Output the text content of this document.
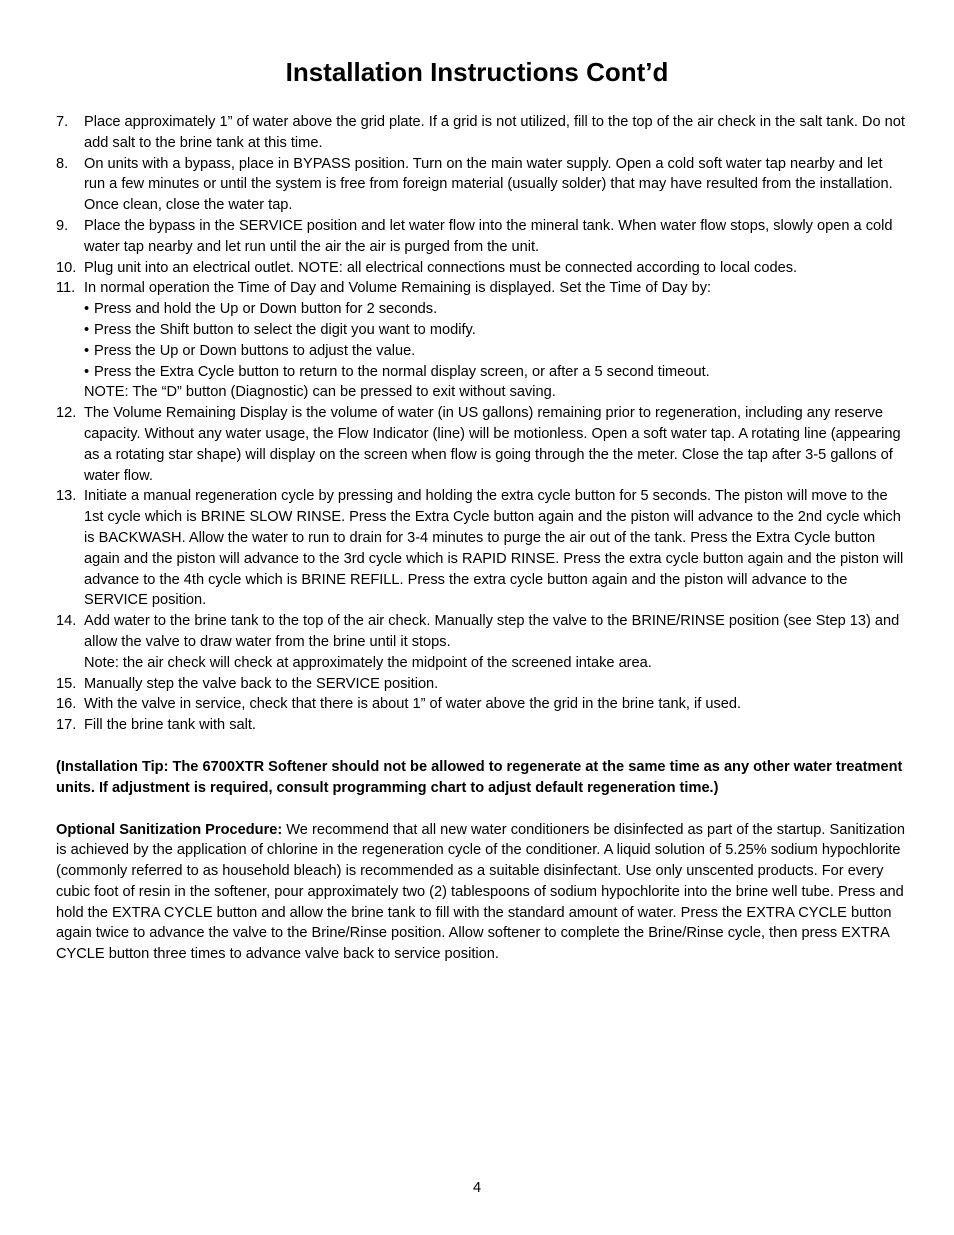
Installation Instructions Cont’d
7. Place approximately 1” of water above the grid plate. If a grid is not utilized, fill to the top of the air check in the salt tank. Do not add salt to the brine tank at this time.
8. On units with a bypass, place in BYPASS position. Turn on the main water supply. Open a cold soft water tap nearby and let run a few minutes or until the system is free from foreign material (usually solder) that may have resulted from the installation. Once clean, close the water tap.
9. Place the bypass in the SERVICE position and let water flow into the mineral tank. When water flow stops, slowly open a cold water tap nearby and let run until the air the air is purged from the unit.
10. Plug unit into an electrical outlet. NOTE: all electrical connections must be connected according to local codes.
11. In normal operation the Time of Day and Volume Remaining is displayed. Set the Time of Day by:
• Press and hold the Up or Down button for 2 seconds.
• Press the Shift button to select the digit you want to modify.
• Press the Up or Down buttons to adjust the value.
• Press the Extra Cycle button to return to the normal display screen, or after a 5 second timeout.
NOTE: The “D” button (Diagnostic) can be pressed to exit without saving.
12. The Volume Remaining Display is the volume of water (in US gallons) remaining prior to regeneration, including any reserve capacity. Without any water usage, the Flow Indicator (line) will be motionless. Open a soft water tap. A rotating line (appearing as a rotating star shape) will display on the screen when flow is going through the the meter. Close the tap after 3-5 gallons of water flow.
13. Initiate a manual regeneration cycle by pressing and holding the extra cycle button for 5 seconds. The piston will move to the 1st cycle which is BRINE SLOW RINSE. Press the Extra Cycle button again and the piston will advance to the 2nd cycle which is BACKWASH. Allow the water to run to drain for 3-4 minutes to purge the air out of the tank. Press the Extra Cycle button again and the piston will advance to the 3rd cycle which is RAPID RINSE. Press the extra cycle button again and the piston will advance to the 4th cycle which is BRINE REFILL. Press the extra cycle button again and the piston will advance to the SERVICE position.
14. Add water to the brine tank to the top of the air check. Manually step the valve to the BRINE/RINSE position (see Step 13) and allow the valve to draw water from the brine until it stops.
Note: the air check will check at approximately the midpoint of the screened intake area.
15. Manually step the valve back to the SERVICE position.
16. With the valve in service, check that there is about 1” of water above the grid in the brine tank, if used.
17. Fill the brine tank with salt.

(Installation Tip: The 6700XTR Softener should not be allowed to regenerate at the same time as any other water treatment units. If adjustment is required, consult programming chart to adjust default regeneration time.)

Optional Sanitization Procedure: We recommend that all new water conditioners be disinfected as part of the startup. Sanitization is achieved by the application of chlorine in the regeneration cycle of the conditioner. A liquid solution of 5.25% sodium hypochlorite (commonly referred to as household bleach) is recommended as a suitable disinfectant. Use only unscented products. For every cubic foot of resin in the softener, pour approximately two (2) tablespoons of sodium hypochlorite into the brine well tube. Press and hold the EXTRA CYCLE button and allow the brine tank to fill with the standard amount of water. Press the EXTRA CYCLE button again twice to advance the valve to the Brine/Rinse position. Allow softener to complete the Brine/Rinse cycle, then press EXTRA CYCLE button three times to advance valve back to service position.

4
